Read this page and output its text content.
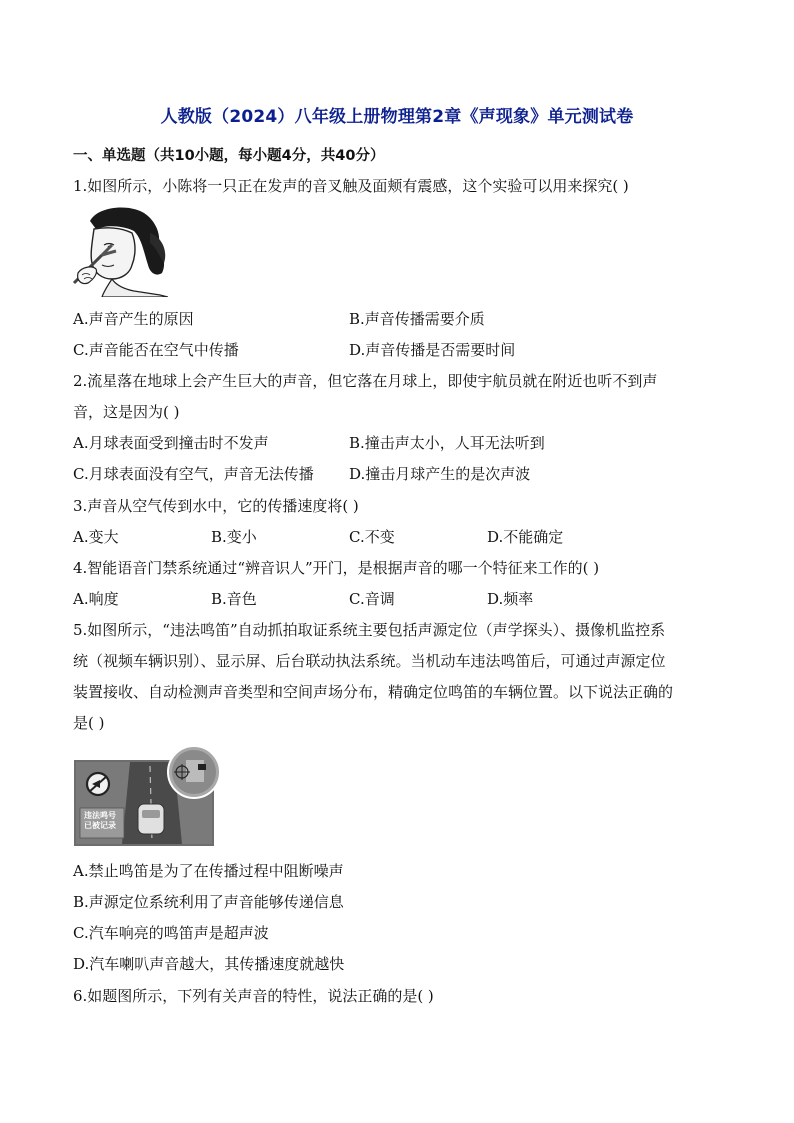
人教版（2024）八年级上册物理第2章《声现象》单元测试卷
一、单选题（共10小题，每小题4分，共40分）
1.如图所示，小陈将一只正在发声的音叉触及面颊有震感，这个实验可以用来探究( )
A.声音产生的原因	B.声音传播需要介质
C.声音能否在空气中传播	D.声音传播是否需要时间
2.流星落在地球上会产生巨大的声音，但它落在月球上，即使宇航员就在附近也听不到声
音，这是因为( )
A.月球表面受到撞击时不发声	B.撞击声太小，人耳无法听到
C.月球表面没有空气，声音无法传播 D.撞击月球产生的是次声波
3.声音从空气传到水中，它的传播速度将( )
A.变大	B.变小	C.不变	D.不能确定
4.智能语音门禁系统通过“辨音识人”开门，是根据声音的哪一个特征来工作的( )
A.响度	B.音色	C.音调	D.频率
5.如图所示，“违法鸣笛”自动抓拍取证系统主要包括声源定位（声学探头）、摄像机监控系
统（视频车辆识别）、显示屏、后台联动执法系统。当机动车违法鸣笛后，可通过声源定位
装置接收、自动检测声音类型和空间声场分布，精确定位鸣笛的车辆位置。以下说法正确的
是( )
违法鸣号 已被记录
A.禁止鸣笛是为了在传播过程中阻断噪声
B.声源定位系统利用了声音能够传递信息
C.汽车响亮的鸣笛声是超声波
D.汽车喇叭声音越大，其传播速度就越快
6.如题图所示，下列有关声音的特性，说法正确的是( )
